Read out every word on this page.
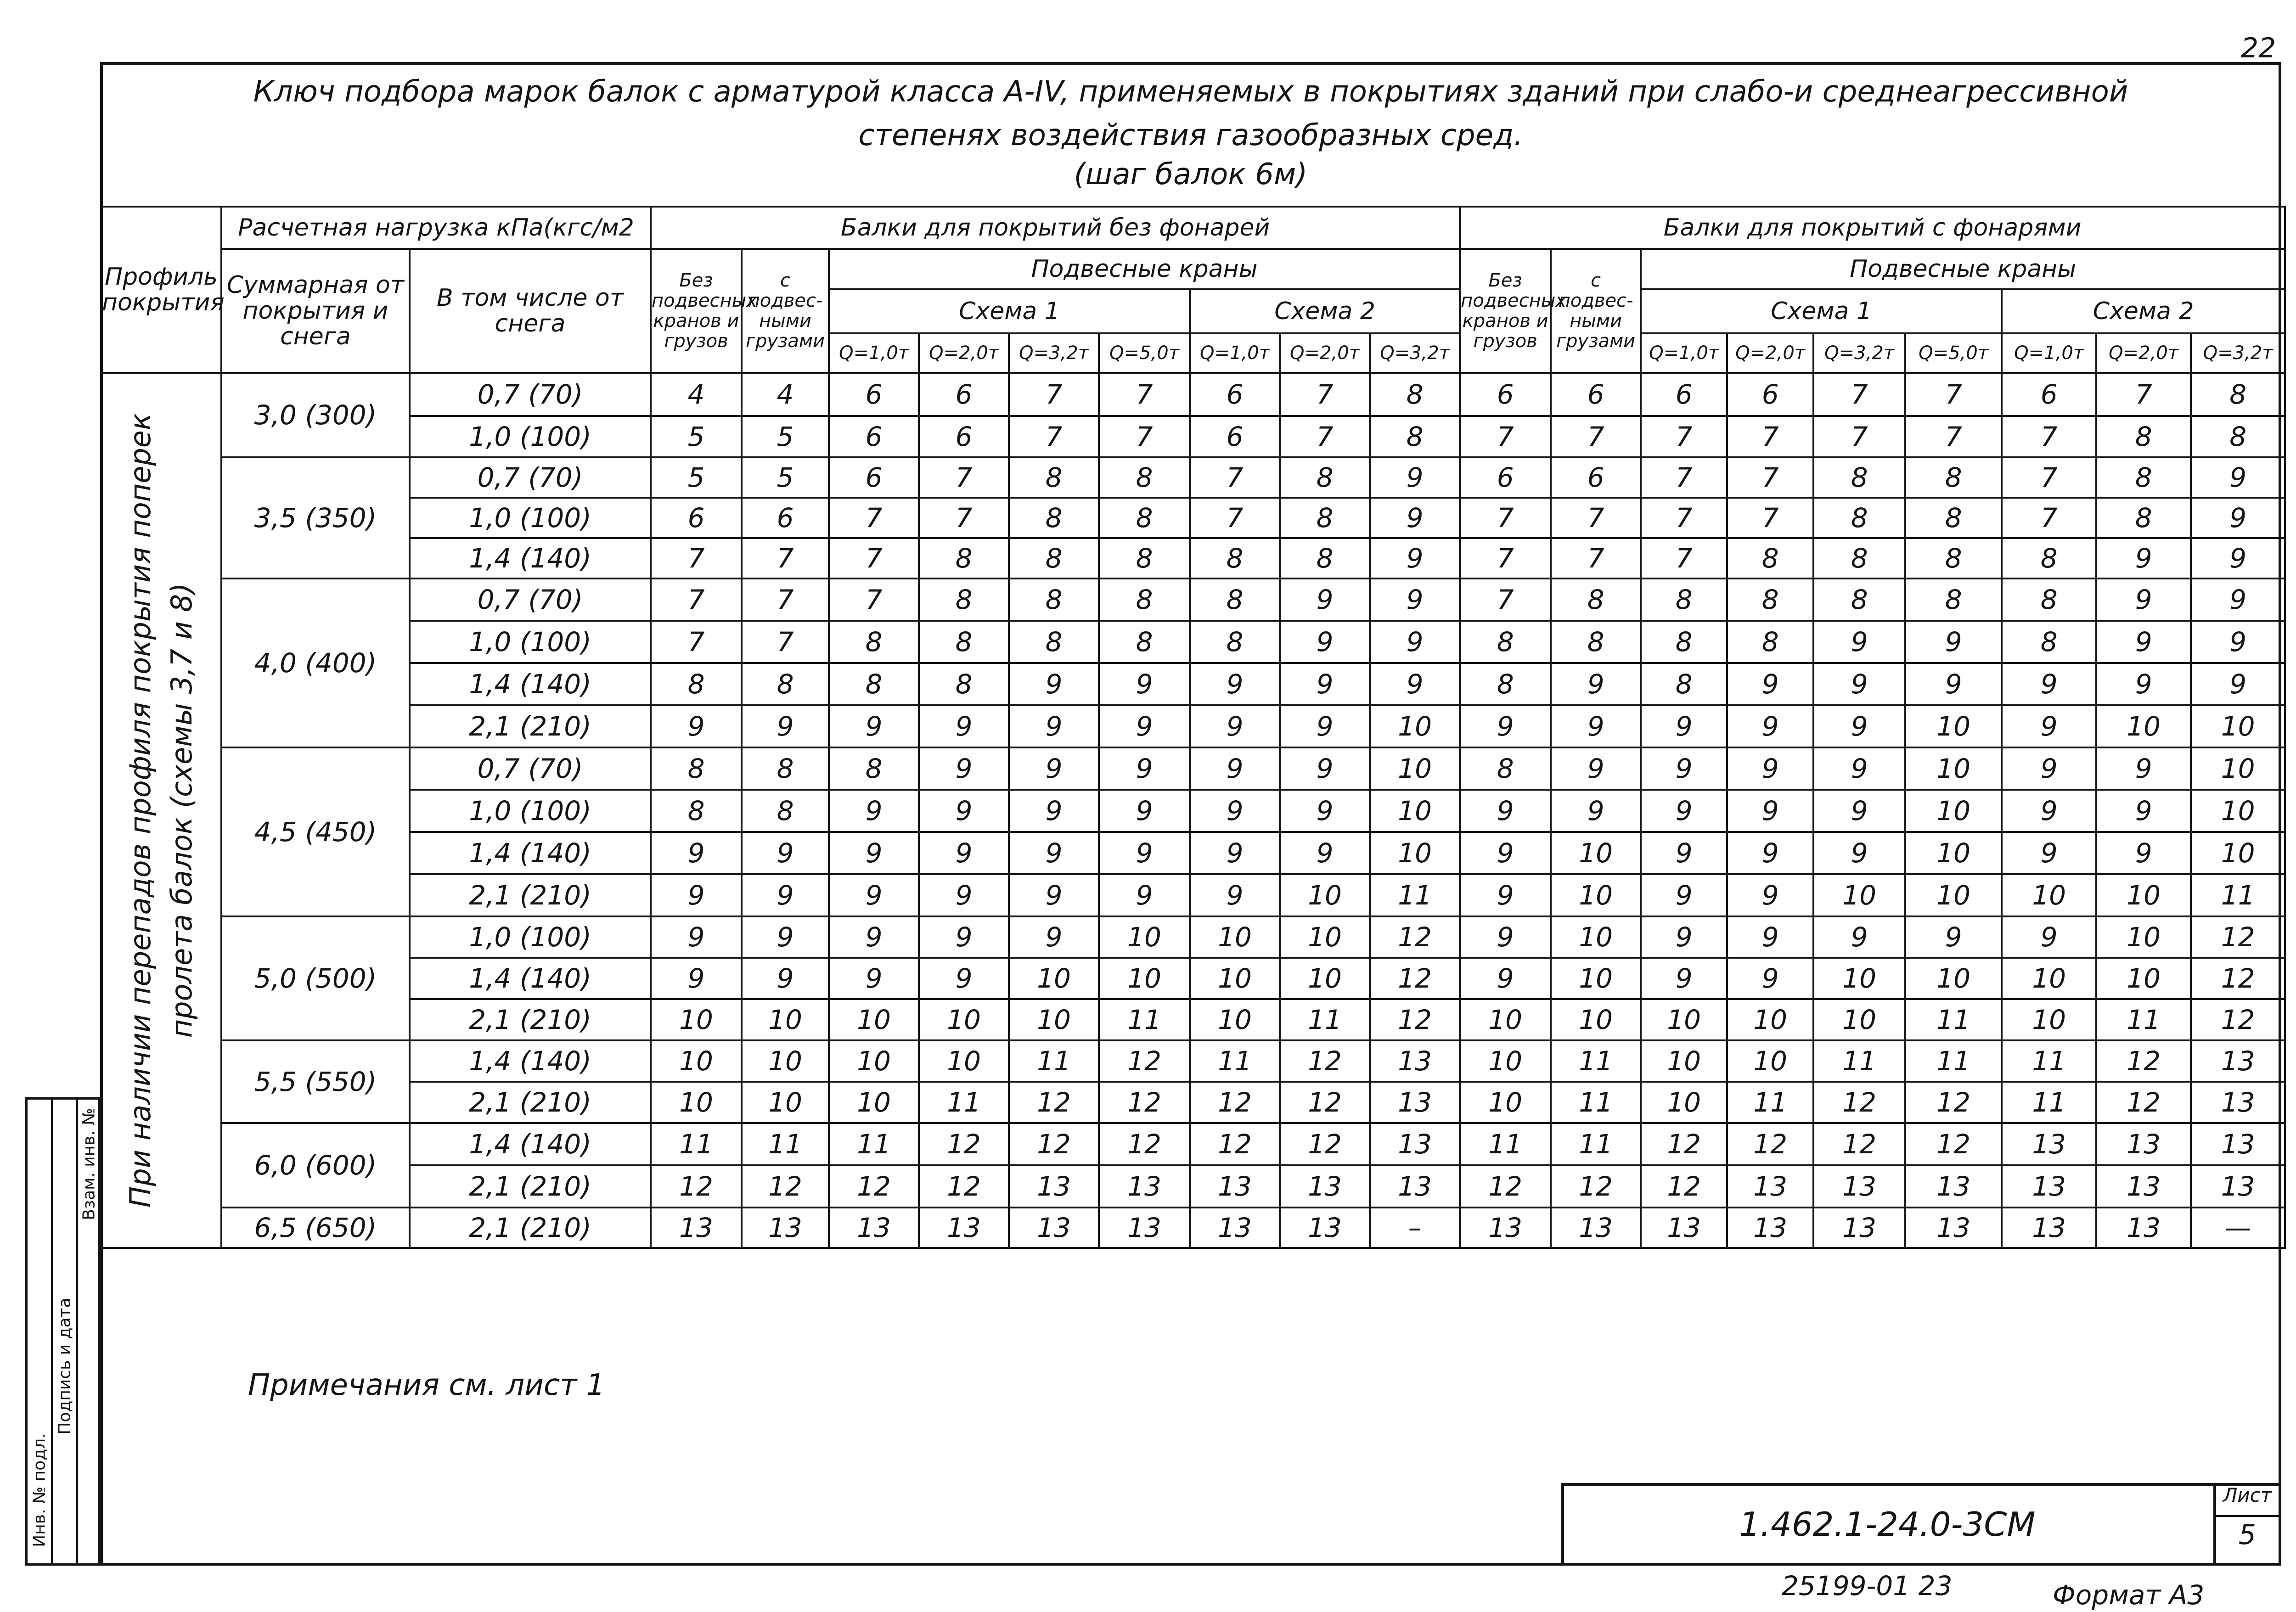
22
Ключ подбора марок балок с арматурой класса А-IV, применяемых в покрытиях зданий при слабо-и среднеагрессивной
степенях воздействия газообразных сред.
(шаг балок 6м)
Профиль покрытия	Расчетная нагрузка кПа(кгс/м2		Балки для покрытий без фонарей									Балки для покрытий с фонарями								
	Суммарная от покрытия и снега	В том числе от снега	Без подвесных кранов и грузов	с подвес-ными грузами	Подвесные краны							Без подвесных кранов и грузов	с подвес-ными грузами	Подвесные краны						
					Схема 1				Схема 2					Схема 1				Схема 2		
					Q=1,0т	Q=2,0т	Q=3,2т	Q=5,0т	Q=1,0т	Q=2,0т	Q=3,2т			Q=1,0т	Q=2,0т	Q=3,2т	Q=5,0т	Q=1,0т	Q=2,0т	Q=3,2т

При наличии перепадов профиля покрытия поперек пролета балок (схемы 3,7 и 8)	3,0 (300)	0,7 (70)	4	4	6	6	7	7	6	7	8	6	6	6	6	7	7	6	7	8
		1,0 (100)	5	5	6	6	7	7	6	7	8	7	7	7	7	7	7	7	8	8
	3,5 (350)	0,7 (70)	5	5	6	7	8	8	7	8	9	6	6	7	7	8	8	7	8	9
		1,0 (100)	6	6	7	7	8	8	7	8	9	7	7	7	7	8	8	7	8	9
		1,4 (140)	7	7	7	8	8	8	8	8	9	7	7	7	8	8	8	8	9	9
	4,0 (400)	0,7 (70)	7	7	7	8	8	8	8	9	9	7	8	8	8	8	8	8	9	9
		1,0 (100)	7	7	8	8	8	8	8	9	9	8	8	8	8	9	9	8	9	9
		1,4 (140)	8	8	8	8	9	9	9	9	9	8	9	8	9	9	9	9	9	9
		2,1 (210)	9	9	9	9	9	9	9	9	10	9	9	9	9	9	10	9	10	10
	4,5 (450)	0,7 (70)	8	8	8	9	9	9	9	9	10	8	9	9	9	9	10	9	9	10
		1,0 (100)	8	8	9	9	9	9	9	9	10	9	9	9	9	9	10	9	9	10
		1,4 (140)	9	9	9	9	9	9	9	9	10	9	10	9	9	9	10	9	9	10
		2,1 (210)	9	9	9	9	9	9	9	10	11	9	10	9	9	10	10	10	10	11
	5,0 (500)	1,0 (100)	9	9	9	9	9	10	10	10	12	9	10	9	9	9	9	9	10	12
		1,4 (140)	9	9	9	9	10	10	10	10	12	9	10	9	9	10	10	10	10	12
		2,1 (210)	10	10	10	10	10	11	10	11	12	10	10	10	10	10	11	10	11	12
	5,5 (550)	1,4 (140)	10	10	10	10	11	12	11	12	13	10	11	10	10	11	11	11	12	13
		2,1 (210)	10	10	10	11	12	12	12	12	13	10	11	10	11	12	12	11	12	13
	6,0 (600)	1,4 (140)	11	11	11	12	12	12	12	12	13	11	11	12	12	12	12	13	13	13
		2,1 (210)	12	12	12	12	13	13	13	13	13	12	12	12	13	13	13	13	13	13
	6,5 (650)	2,1 (210)	13	13	13	13	13	13	13	13	–	13	13	13	13	13	13	13	13	—
Примечания см. лист 1
1.462.1-24.0-3CM
Лист
5
25199-01 23	Формат А3
Инв. № подл.
Подпись и дата
Взам. инв. №
